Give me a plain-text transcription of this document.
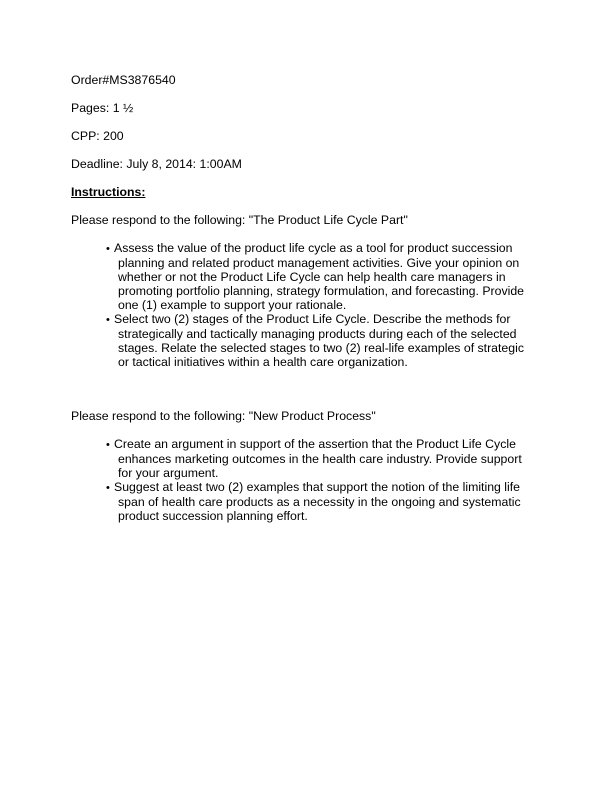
Order#MS3876540
Pages: 1 ½
CPP: 200
Deadline: July 8, 2014: 1:00AM
Instructions:
Please respond to the following: "The Product Life Cycle Part"
• Assess the value of the product life cycle as a tool for product succession planning and related product management activities. Give your opinion on whether or not the Product Life Cycle can help health care managers in promoting portfolio planning, strategy formulation, and forecasting. Provide one (1) example to support your rationale.
• Select two (2) stages of the Product Life Cycle. Describe the methods for strategically and tactically managing products during each of the selected stages. Relate the selected stages to two (2) real-life examples of strategic or tactical initiatives within a health care organization.
Please respond to the following: "New Product Process"
• Create an argument in support of the assertion that the Product Life Cycle enhances marketing outcomes in the health care industry. Provide support for your argument.
• Suggest at least two (2) examples that support the notion of the limiting life span of health care products as a necessity in the ongoing and systematic product succession planning effort.
